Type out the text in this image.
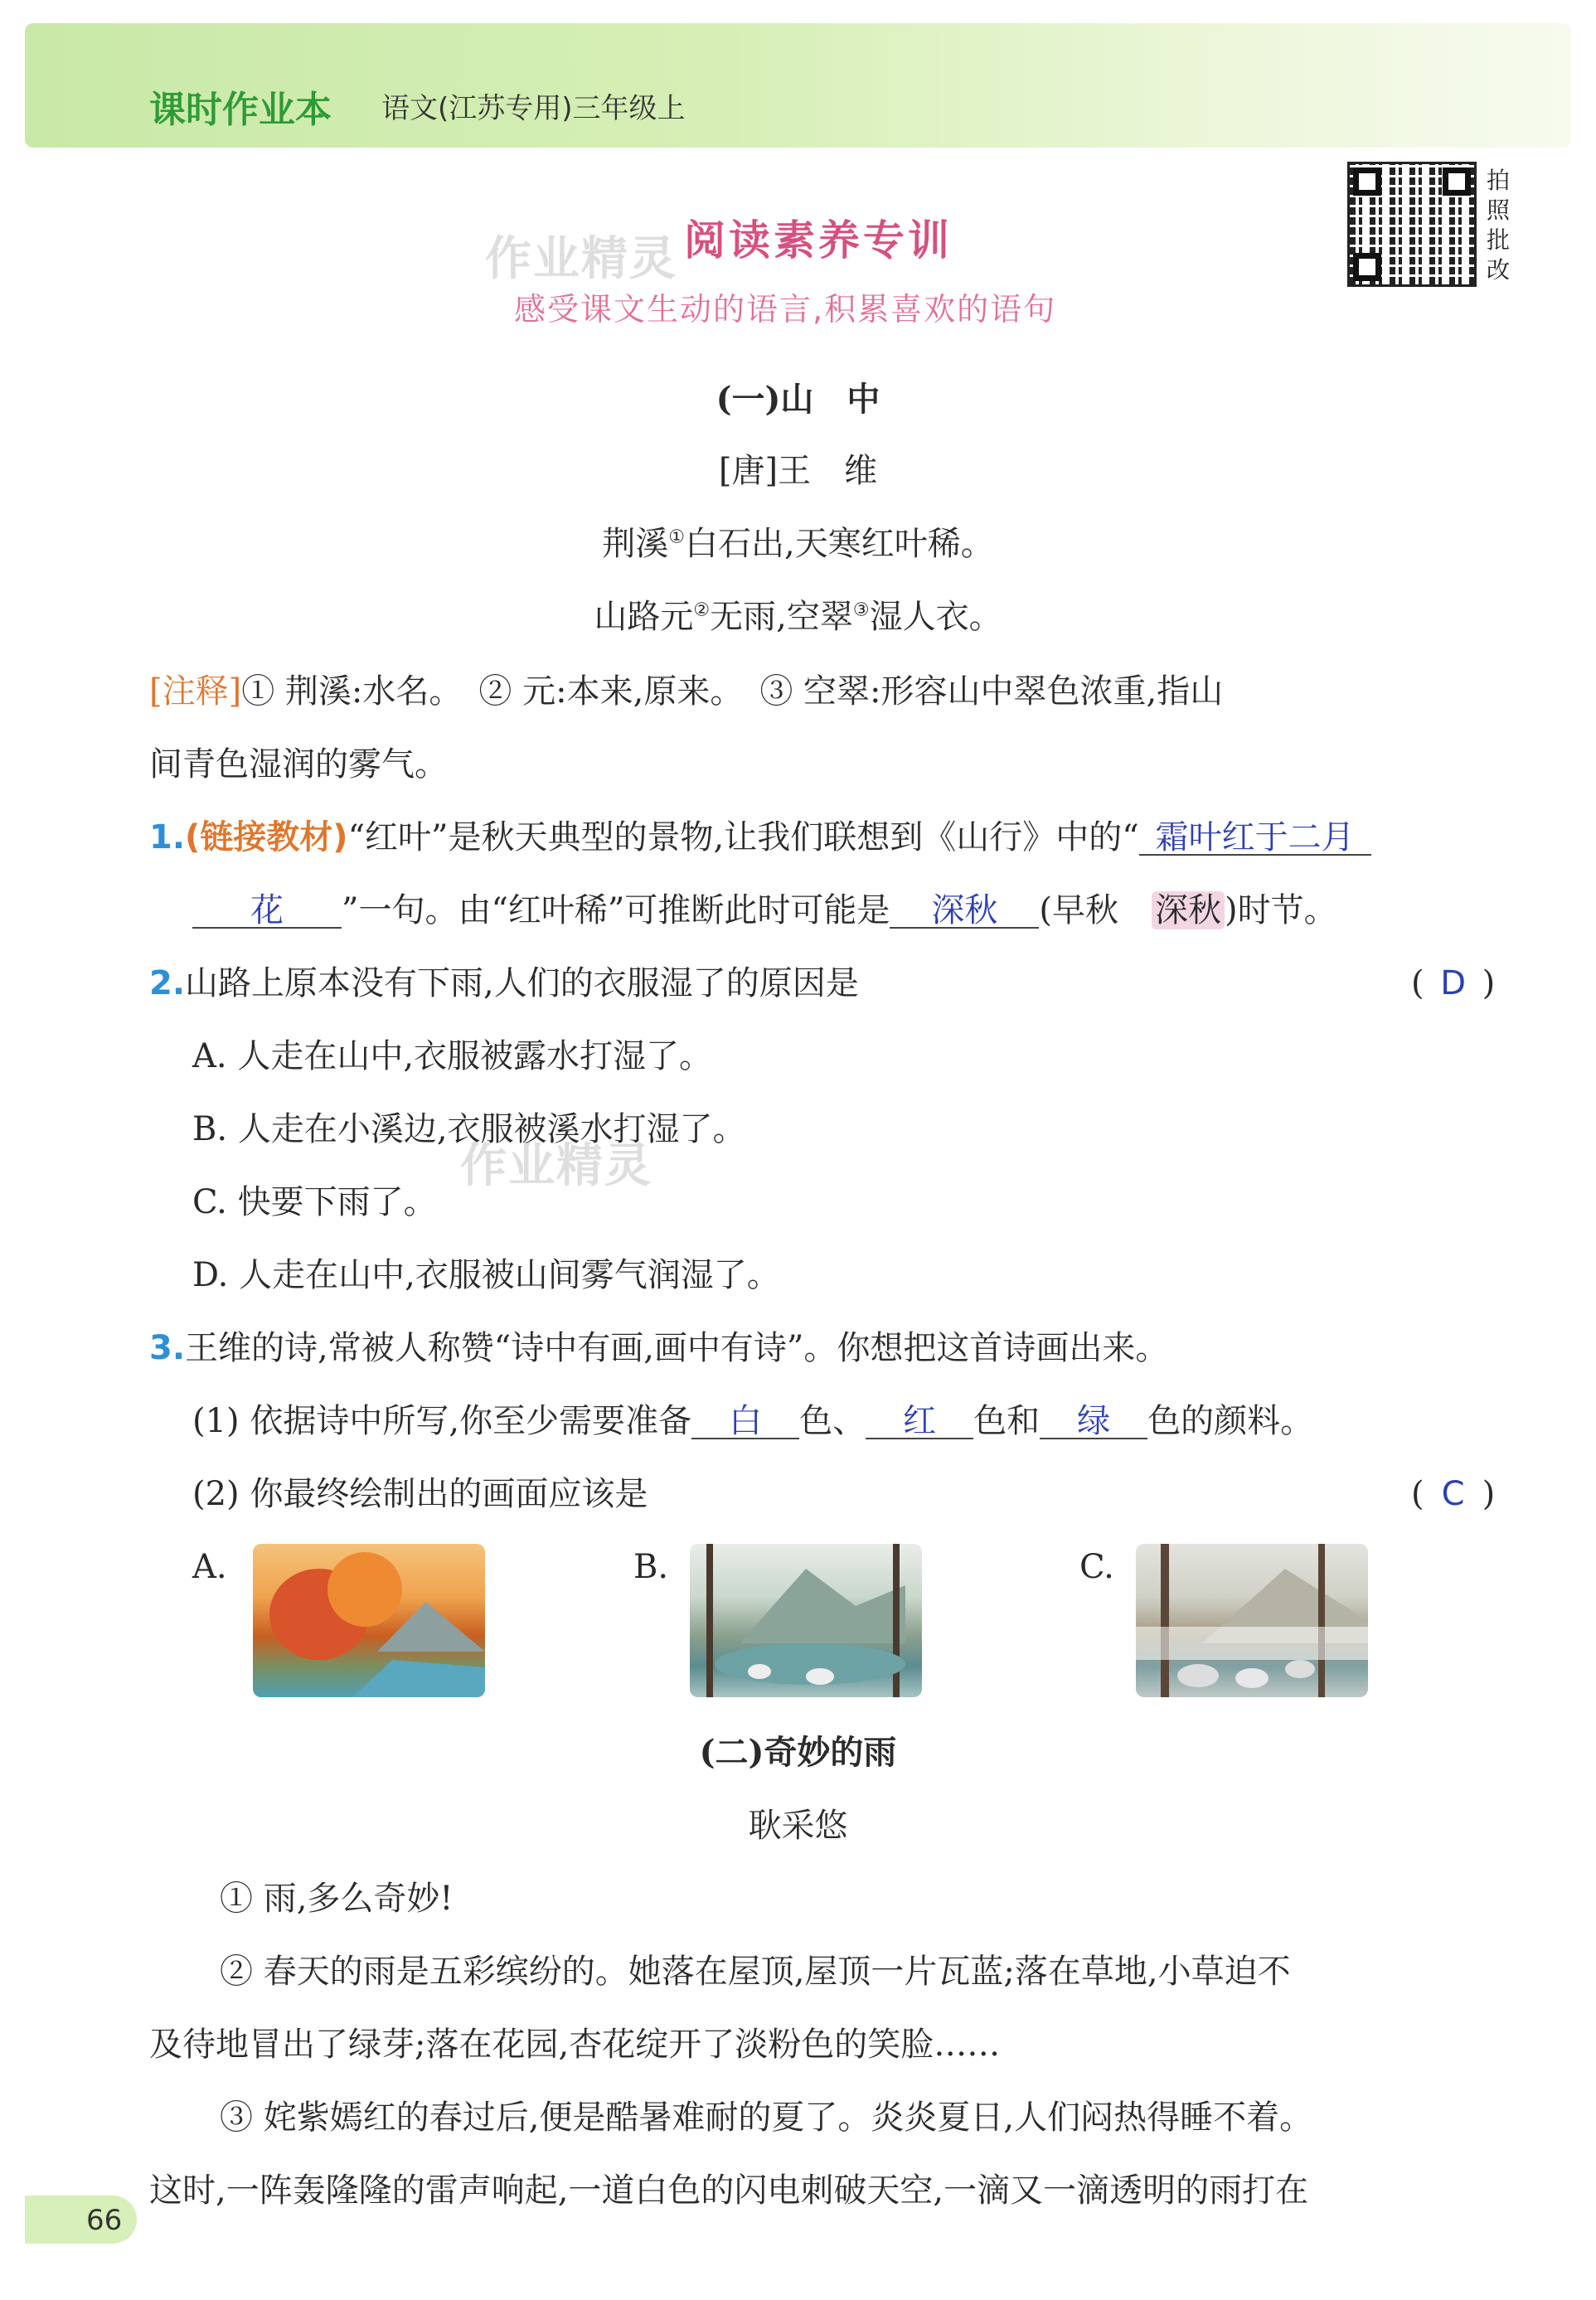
课时作业本 语文(江苏专用)三年级上
拍照批改
作业精灵
作业精灵
阅读素养专训
感受课文生动的语言,积累喜欢的语句
(一)山　中
[唐]王　维
荆溪①白石出,天寒红叶稀。
山路元②无雨,空翠③湿人衣。
[注释]① 荆溪:水名。　② 元:本来,原来。　③ 空翠:形容山中翠色浓重,指山
间青色湿润的雾气。
1.(链接教材)“红叶”是秋天典型的景物,让我们联想到《山行》中的“ 霜叶红于二月
花 ”一句。由“红叶稀”可推断此时可能是 深秋 (早秋　深秋 )时节。
2.山路上原本没有下雨,人们的衣服湿了的原因是	( D )
A. 人走在山中,衣服被露水打湿了。
B. 人走在小溪边,衣服被溪水打湿了。
C. 快要下雨了。
D. 人走在山中,衣服被山间雾气润湿了。
3.王维的诗,常被人称赞“诗中有画,画中有诗”。你想把这首诗画出来。
(1) 依据诗中所写,你至少需要准备 白 色、 红 色和 绿 色的颜料。
(2) 你最终绘制出的画面应该是	( C )
A.	B.	C.
(二)奇妙的雨
耿采悠
① 雨,多么奇妙!
② 春天的雨是五彩缤纷的。她落在屋顶,屋顶一片瓦蓝;落在草地,小草迫不
及待地冒出了绿芽;落在花园,杏花绽开了淡粉色的笑脸……
③ 姹紫嫣红的春过后,便是酷暑难耐的夏了。炎炎夏日,人们闷热得睡不着。
这时,一阵轰隆隆的雷声响起,一道白色的闪电刺破天空,一滴又一滴透明的雨打在
66
